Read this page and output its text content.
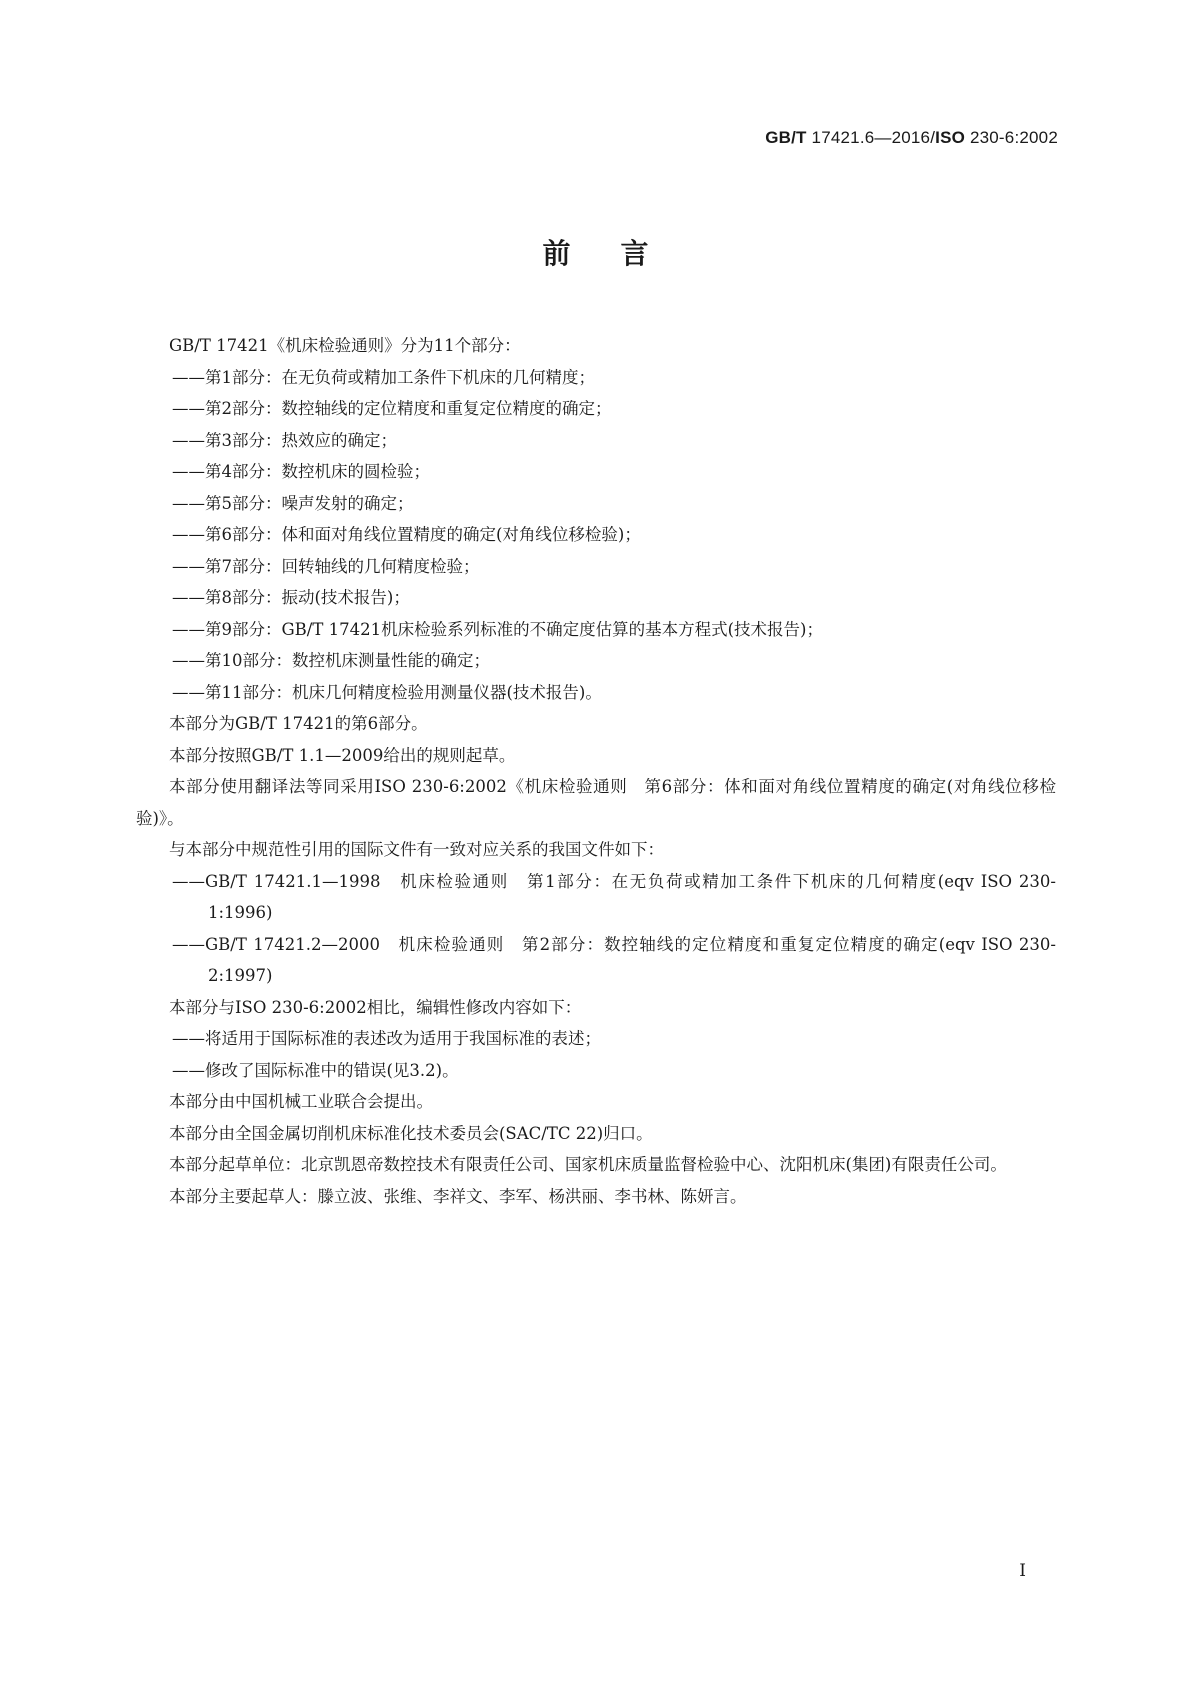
GB/T 17421.6—2016/ISO 230-6:2002
前言
GB/T 17421《机床检验通则》分为11个部分：
——第1部分：在无负荷或精加工条件下机床的几何精度；
——第2部分：数控轴线的定位精度和重复定位精度的确定；
——第3部分：热效应的确定；
——第4部分：数控机床的圆检验；
——第5部分：噪声发射的确定；
——第6部分：体和面对角线位置精度的确定(对角线位移检验)；
——第7部分：回转轴线的几何精度检验；
——第8部分：振动(技术报告)；
——第9部分：GB/T 17421机床检验系列标准的不确定度估算的基本方程式(技术报告)；
——第10部分：数控机床测量性能的确定；
——第11部分：机床几何精度检验用测量仪器(技术报告)。
本部分为GB/T 17421的第6部分。
本部分按照GB/T 1.1—2009给出的规则起草。
本部分使用翻译法等同采用ISO 230-6:2002《机床检验通则　第6部分：体和面对角线位置精度的确定(对角线位移检验)》。
与本部分中规范性引用的国际文件有一致对应关系的我国文件如下：
——GB/T 17421.1—1998　机床检验通则　第1部分：在无负荷或精加工条件下机床的几何精度(eqv ISO 230-1:1996)
——GB/T 17421.2—2000　机床检验通则　第2部分：数控轴线的定位精度和重复定位精度的确定(eqv ISO 230-2:1997)
本部分与ISO 230-6:2002相比，编辑性修改内容如下：
——将适用于国际标准的表述改为适用于我国标准的表述；
——修改了国际标准中的错误(见3.2)。
本部分由中国机械工业联合会提出。
本部分由全国金属切削机床标准化技术委员会(SAC/TC 22)归口。
本部分起草单位：北京凯恩帝数控技术有限责任公司、国家机床质量监督检验中心、沈阳机床(集团)有限责任公司。
本部分主要起草人：滕立波、张维、李祥文、李军、杨洪丽、李书林、陈妍言。
I
